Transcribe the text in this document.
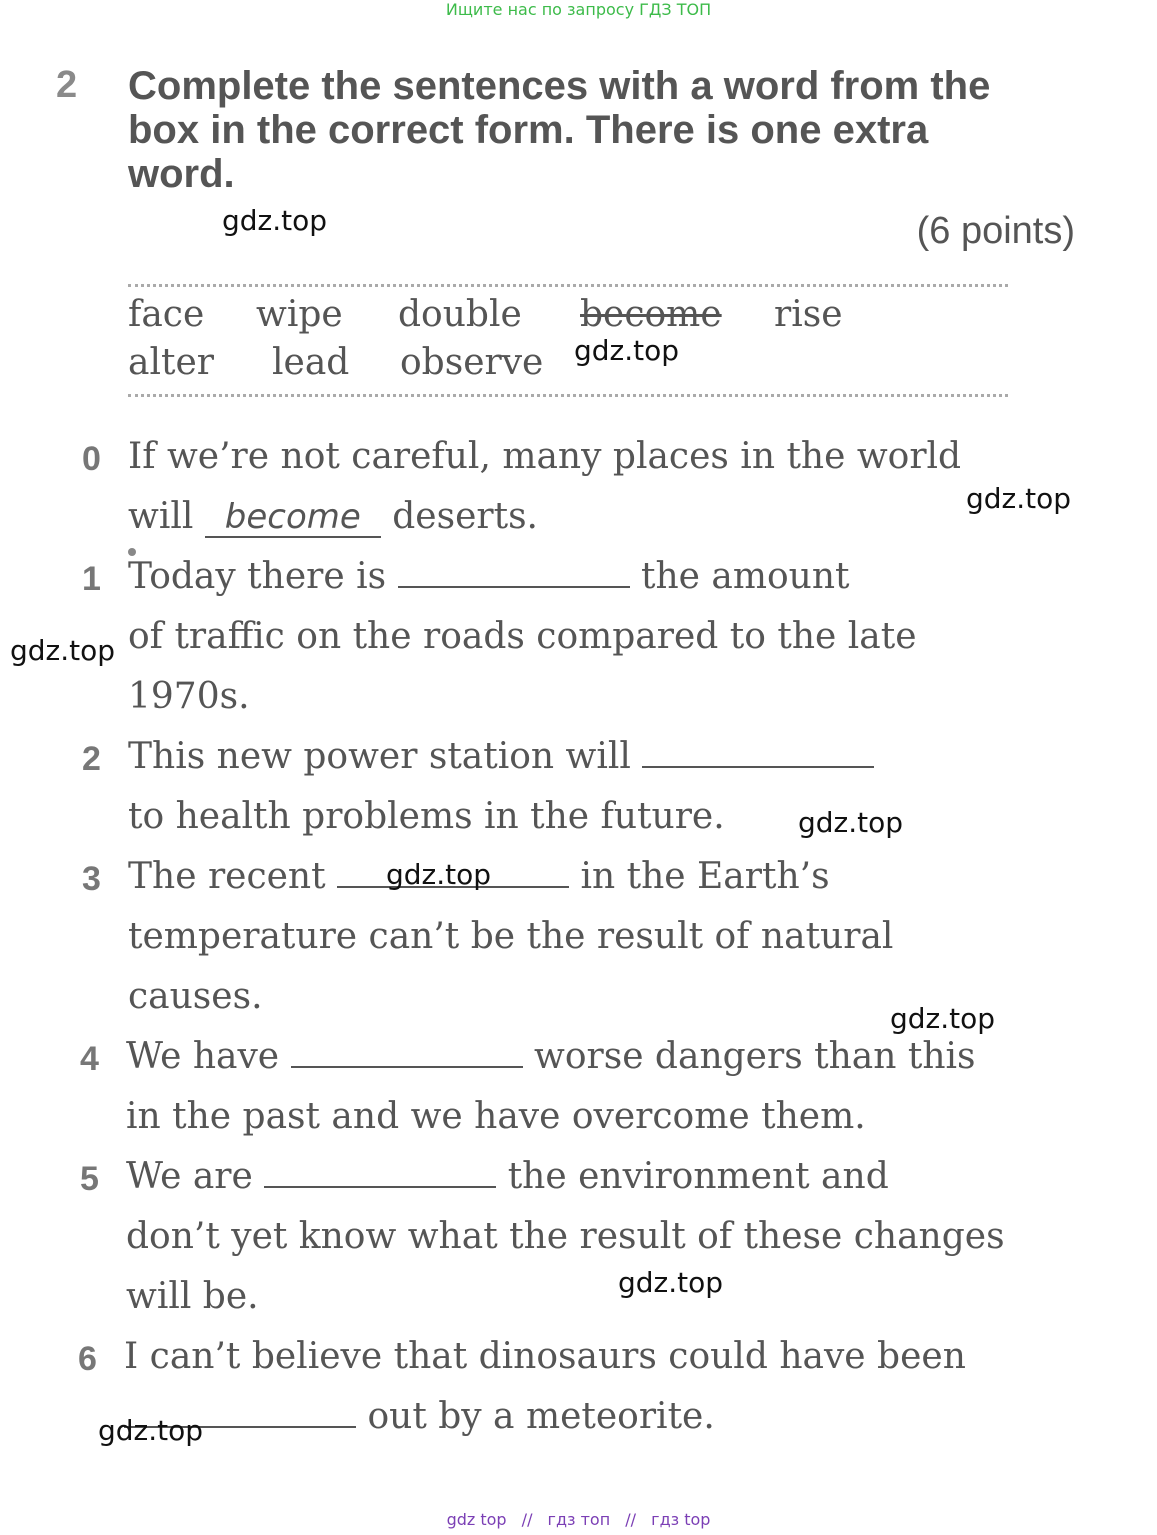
Ищите нас по запросу ГДЗ ТОП
2 Complete the sentences with a word from the
box in the correct form. There is one extra
word.
(6 points)
face wipe double become rise
alter lead observe
0 If we’re not careful, many places in the world
will become deserts.
1 Today there is	the amount
of traffic on the roads compared to the late
1970s.
2 This new power station will
to health problems in the future.
3 The recent	in the Earth’s
temperature can’t be the result of natural
causes.
4 We have	worse dangers than this
in the past and we have overcome them.
5 We are	the environment and
don’t yet know what the result of these changes
will be.
6 I can’t believe that dinosaurs could have been
out by a meteorite.
gdz.top
gdz.top
gdz.top
gdz.top
gdz.top
gdz.top
gdz.top
gdz.top
gdz.top
gdz top // гдз топ // гдз top
